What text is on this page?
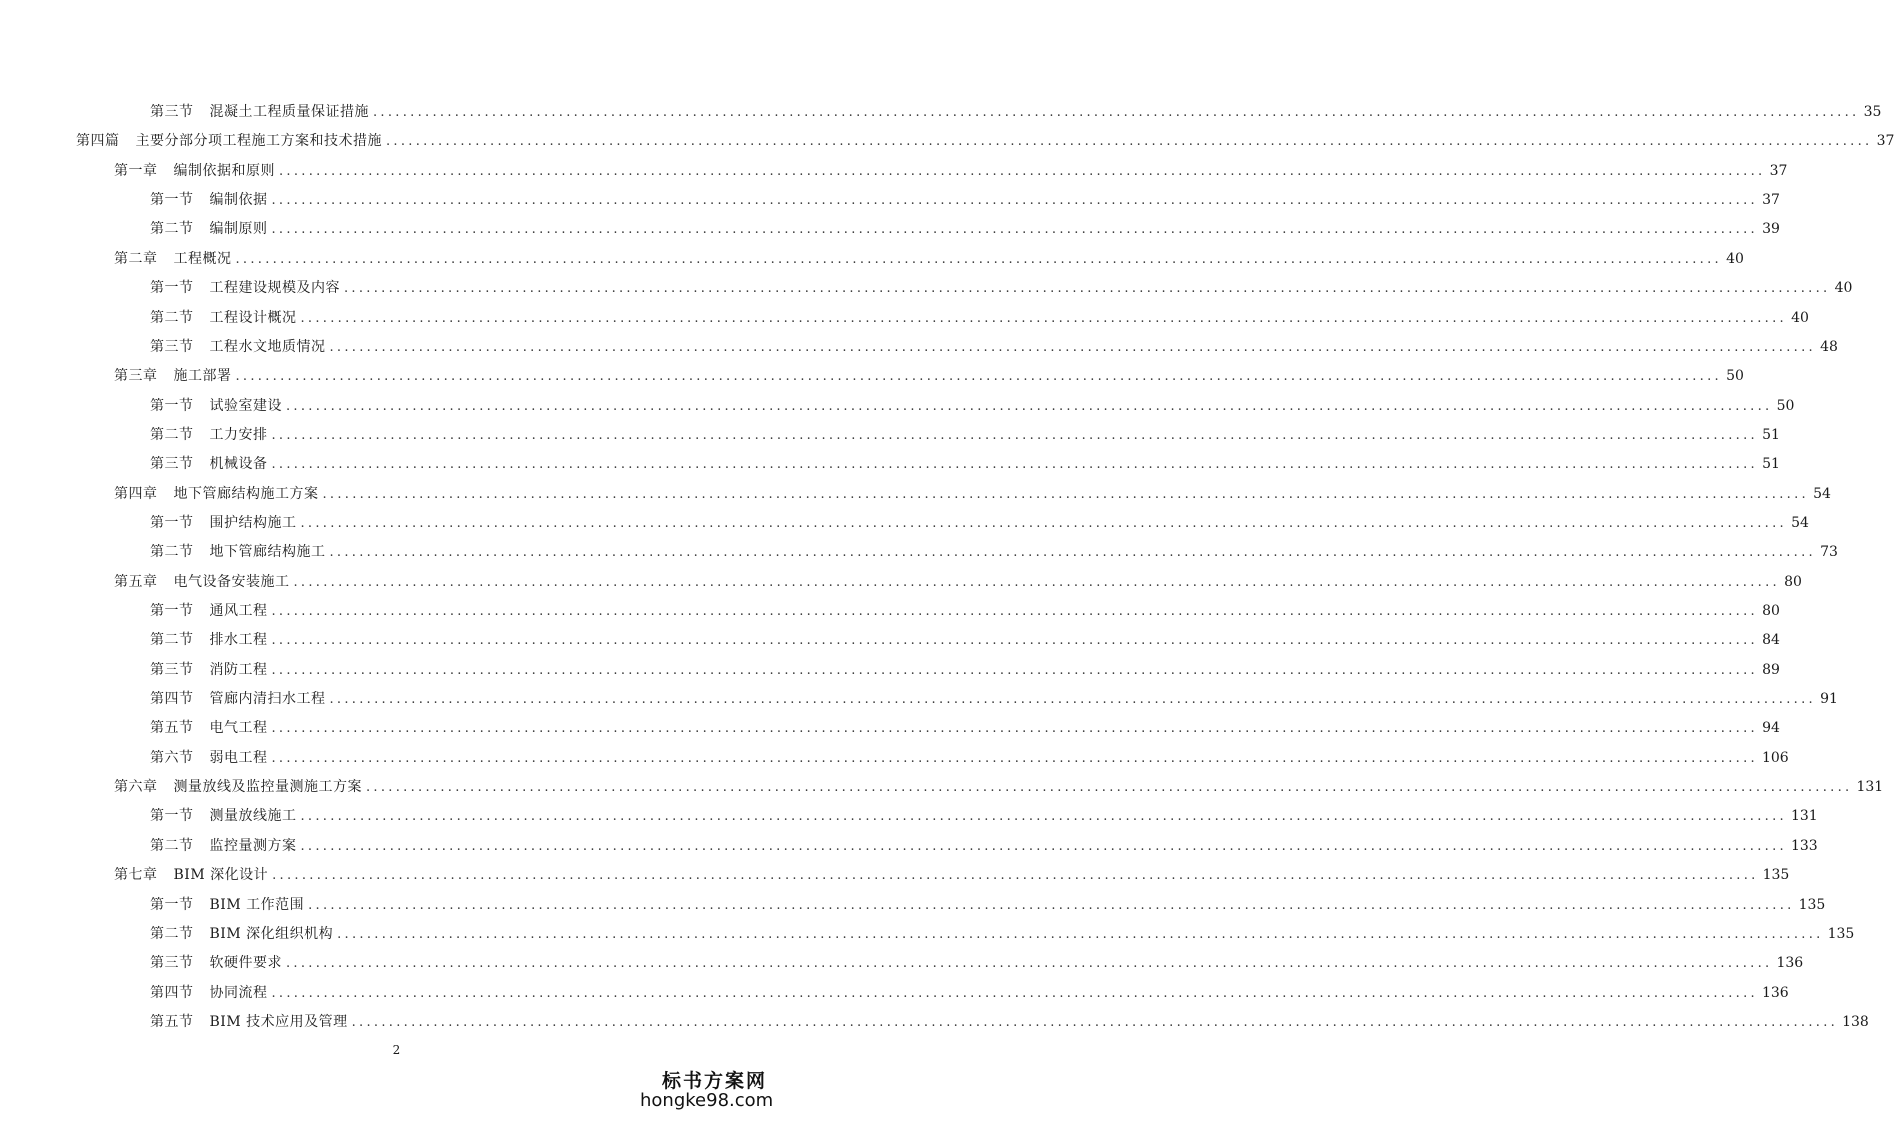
第三节 混凝土工程质量保证措施 ........................................................................................................................................................................................................ 35
第四篇 主要分部分项工程施工方案和技术措施 ........................................................................................................................................................................................................ 37
第一章 编制依据和原则 ........................................................................................................................................................................................................ 37
第一节 编制依据 ........................................................................................................................................................................................................ 37
第二节 编制原则 ........................................................................................................................................................................................................ 39
第二章 工程概况 ........................................................................................................................................................................................................ 40
第一节 工程建设规模及内容 ........................................................................................................................................................................................................ 40
第二节 工程设计概况 ........................................................................................................................................................................................................ 40
第三节 工程水文地质情况 ........................................................................................................................................................................................................ 48
第三章 施工部署 ........................................................................................................................................................................................................ 50
第一节 试验室建设 ........................................................................................................................................................................................................ 50
第二节 工力安排 ........................................................................................................................................................................................................ 51
第三节 机械设备 ........................................................................................................................................................................................................ 51
第四章 地下管廊结构施工方案 ........................................................................................................................................................................................................ 54
第一节 围护结构施工 ........................................................................................................................................................................................................ 54
第二节 地下管廊结构施工 ........................................................................................................................................................................................................ 73
第五章 电气设备安装施工 ........................................................................................................................................................................................................ 80
第一节 通风工程 ........................................................................................................................................................................................................ 80
第二节 排水工程 ........................................................................................................................................................................................................ 84
第三节 消防工程 ........................................................................................................................................................................................................ 89
第四节 管廊内清扫水工程 ........................................................................................................................................................................................................ 91
第五节 电气工程 ........................................................................................................................................................................................................ 94
第六节 弱电工程 ........................................................................................................................................................................................................ 106
第六章 测量放线及监控量测施工方案 ........................................................................................................................................................................................................ 131
第一节 测量放线施工 ........................................................................................................................................................................................................ 131
第二节 监控量测方案 ........................................................................................................................................................................................................ 133
第七章 BIM 深化设计 ........................................................................................................................................................................................................ 135
第一节 BIM 工作范围 ........................................................................................................................................................................................................ 135
第二节 BIM 深化组织机构 ........................................................................................................................................................................................................ 135
第三节 软硬件要求 ........................................................................................................................................................................................................ 136
第四节 协同流程 ........................................................................................................................................................................................................ 136
第五节 BIM 技术应用及管理 ........................................................................................................................................................................................................ 138
2
标书方案网
hongke98.com
